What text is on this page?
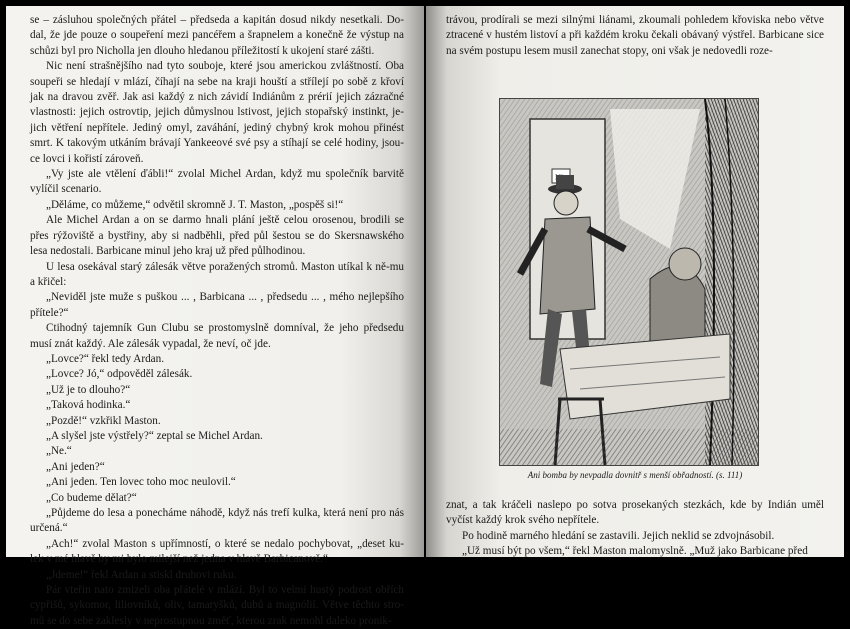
se – zásluhou společných přátel – předseda a kapitán dosud nikdy nesetkali. Do-dal, že jde pouze o soupeření mezi pancéřem a šrapnelem a konečně že výstup na schůzi byl pro Nicholla jen dlouho hledanou příležitostí k ukojení staré zášti.

Nic není strašnějšího nad tyto souboje, které jsou americkou zvláštností. Oba soupeři se hledají v mlází, číhají na sebe na kraji houští a střílejí po sobě z křoví jak na dravou zvěř. Jak asi každý z nich závidí Indiánům z prérií jejich zázračné vlastnosti: jejich ostrovtip, jejich důmyslnou lstivost, jejich stopařský instinkt, je-jich větření nepřítele. Jediný omyl, zaváhání, jediný chybný krok mohou přinést smrt. K takovým utkáním brávají Yankeeové své psy a stíhají se celé hodiny, jsou-ce lovci i kořistí zároveň.

„Vy jste ale vtělení ďábli!“ zvolal Michel Ardan, když mu společník barvitě vylíčil scenario.

„Děláme, co můžeme,“ odvětil skromně J. T. Maston, „pospěš si!“

Ale Michel Ardan a on se darmo hnali plání ještě celou orosenou, brodili se přes rýžoviště a bystřiny, aby si nadběhli, před půl šestou se do Skersnawského lesa nedostali. Barbicane minul jeho kraj už před půlhodinou.

U lesa osekával starý zálesák větve poražených stromů. Maston utíkal k ně-mu a křičel:

„Neviděl jste muže s puškou ... , Barbicana ... , předsedu ... , mého nejlepšího přítele?“

Ctihodný tajemník Gun Clubu se prostomyslně domníval, že jeho předsedu musí znát každý. Ale zálesák vypadal, že neví, oč jde.

„Lovce?“ řekl tedy Ardan.

„Lovce? Jó,“ odpověděl zálesák.

„Už je to dlouho?“

„Taková hodinka.“

„Pozdě!“ vzkřikl Maston.

„A slyšel jste výstřely?“ zeptal se Michel Ardan.

„Ne.“

„Ani jeden?“

„Ani jeden. Ten lovec toho moc neulovil.“

„Co budeme dělat?“

„Půjdeme do lesa a ponecháme náhodě, když nás trefí kulka, která není pro nás určená.“

„Ach!“ zvolal Maston s upřímností, o které se nedalo pochybovat, „deset ku-lek v mé hlavě by mi bylo milejší než jedna v hlavě Barbicanově.“

„Jdeme!“ řekl Ardan a stiskl druhovi ruku.

Pár vteřin nato zmizeli oba přátelé v mlází. Byl to velmi hustý podrost obřích cypřišů, sykomor, liliovníků, oliv, tamaryšků, dubů a magnólií. Větve těchto stro-mů se do sebe zaklesly v neprostupnou změť, kterou zrak nemohl daleko pronik-

trávou, prodírali se mezi silnými liánami, zkoumali pohledem křoviska nebo větve ztracené v hustém listoví a při každém kroku čekali obávaný výstřel. Barbicane sice na svém postupu lesem musil zanechat stopy, oni však je nedovedli roze-

Ani bomba by nevpadla dovnitř s menší obřadností. (s. 111)

znat, a tak kráčeli naslepo po sotva prosekaných stezkách, kde by Indián uměl vyčíst každý krok svého nepřítele.

Po hodině marného hledání se zastavili. Jejich neklid se zdvojnásobil.

„Už musí být po všem,“ řekl Maston malomyslně. „Muž jako Barbicane před
